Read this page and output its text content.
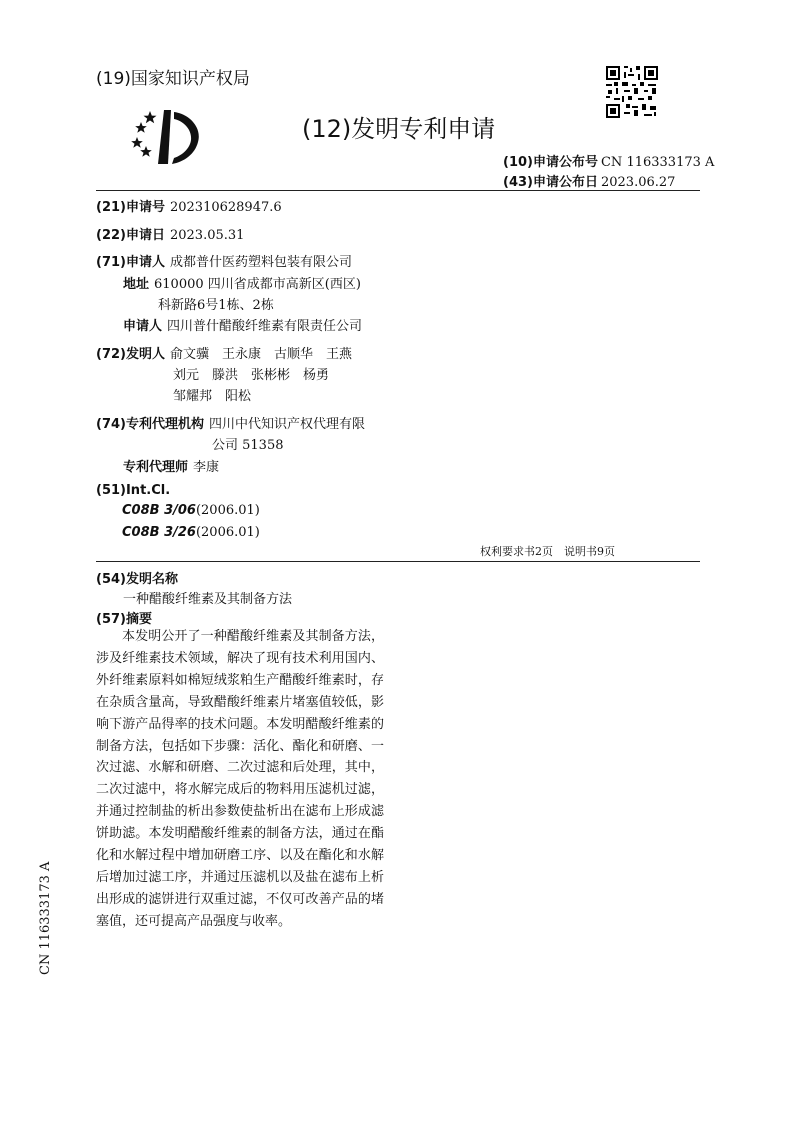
(19)国家知识产权局
(12)发明专利申请
(10)申请公布号 CN 116333173 A
(43)申请公布日 2023.06.27
(21)申请号 202310628947.6
(22)申请日 2023.05.31
(71)申请人 成都普什医药塑料包装有限公司
地址 610000 四川省成都市高新区(西区)
科新路6号1栋、2栋
申请人 四川普什醋酸纤维素有限责任公司
(72)发明人 俞文骥　王永康　古顺华　王燕
刘元　滕洪　张彬彬　杨勇
邹耀邦　阳松
(74)专利代理机构 四川中代知识产权代理有限
公司 51358
专利代理师 李康
(51)Int.Cl.
C08B 3/06(2006.01)
C08B 3/26(2006.01)
权利要求书2页　说明书9页
(54)发明名称
一种醋酸纤维素及其制备方法
(57)摘要
本发明公开了一种醋酸纤维素及其制备方法，涉及纤维素技术领域，解决了现有技术利用国内、外纤维素原料如棉短绒浆粕生产醋酸纤维素时，存在杂质含量高，导致醋酸纤维素片堵塞值较低，影响下游产品得率的技术问题。本发明醋酸纤维素的制备方法，包括如下步骤：活化、酯化和研磨、一次过滤、水解和研磨、二次过滤和后处理，其中，二次过滤中，将水解完成后的物料用压滤机过滤，并通过控制盐的析出参数使盐析出在滤布上形成滤饼助滤。本发明醋酸纤维素的制备方法，通过在酯化和水解过程中增加研磨工序、以及在酯化和水解后增加过滤工序，并通过压滤机以及盐在滤布上析出形成的滤饼进行双重过滤，不仅可改善产品的堵塞值，还可提高产品强度与收率。
CN 116333173 A
